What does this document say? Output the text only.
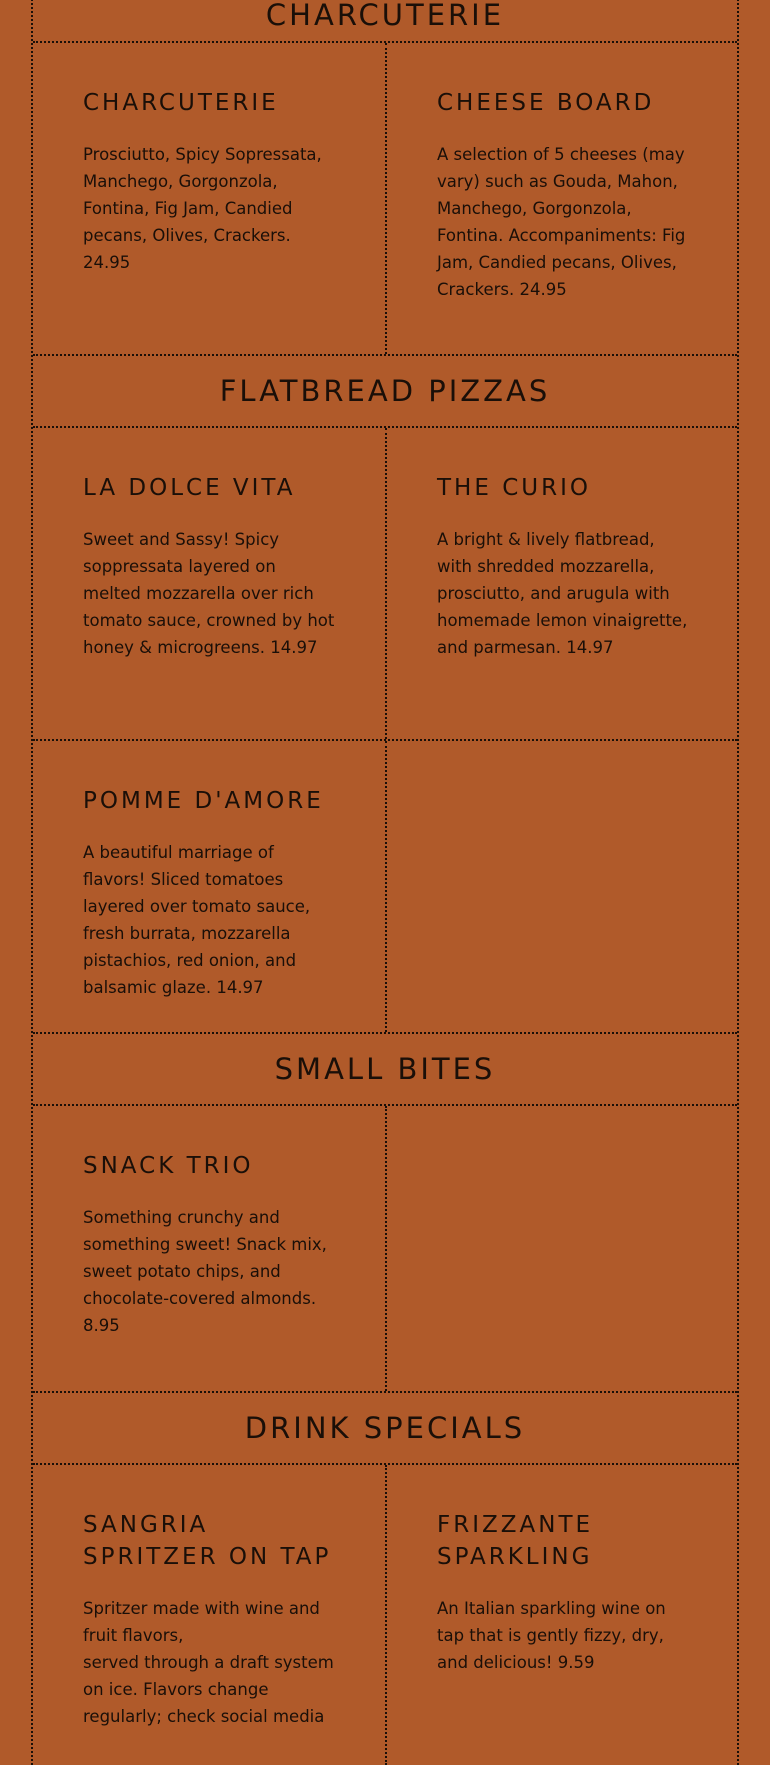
CHARCUTERIE
CHARCUTERIE

Prosciutto, Spicy Sopressata, Manchego, Gorgonzola, Fontina, Fig Jam, Candied pecans, Olives, Crackers. 24.95

CHEESE BOARD

A selection of 5 cheeses (may vary) such as Gouda, Mahon, Manchego, Gorgonzola, Fontina. Accompaniments: Fig Jam, Candied pecans, Olives, Crackers. 24.95

FLATBREAD PIZZAS
LA DOLCE VITA

Sweet and Sassy! Spicy soppressata layered on melted mozzarella over rich tomato sauce, crowned by hot honey & microgreens. 14.97

THE CURIO

A bright & lively flatbread, with shredded mozzarella, prosciutto, and arugula with homemade lemon vinaigrette, and parmesan. 14.97

POMME D'AMORE

A beautiful marriage of flavors! Sliced tomatoes layered over tomato sauce, fresh burrata, mozzarella pistachios, red onion, and balsamic glaze. 14.97

SMALL BITES
SNACK TRIO

Something crunchy and something sweet! Snack mix, sweet potato chips, and chocolate-covered almonds. 8.95

DRINK SPECIALS
SANGRIA SPRITZER ON TAP

Spritzer made with wine and fruit flavors,
served through a draft system on ice. Flavors change regularly; check social media

FRIZZANTE SPARKLING

An Italian sparkling wine on tap that is gently fizzy, dry, and delicious! 9.59
